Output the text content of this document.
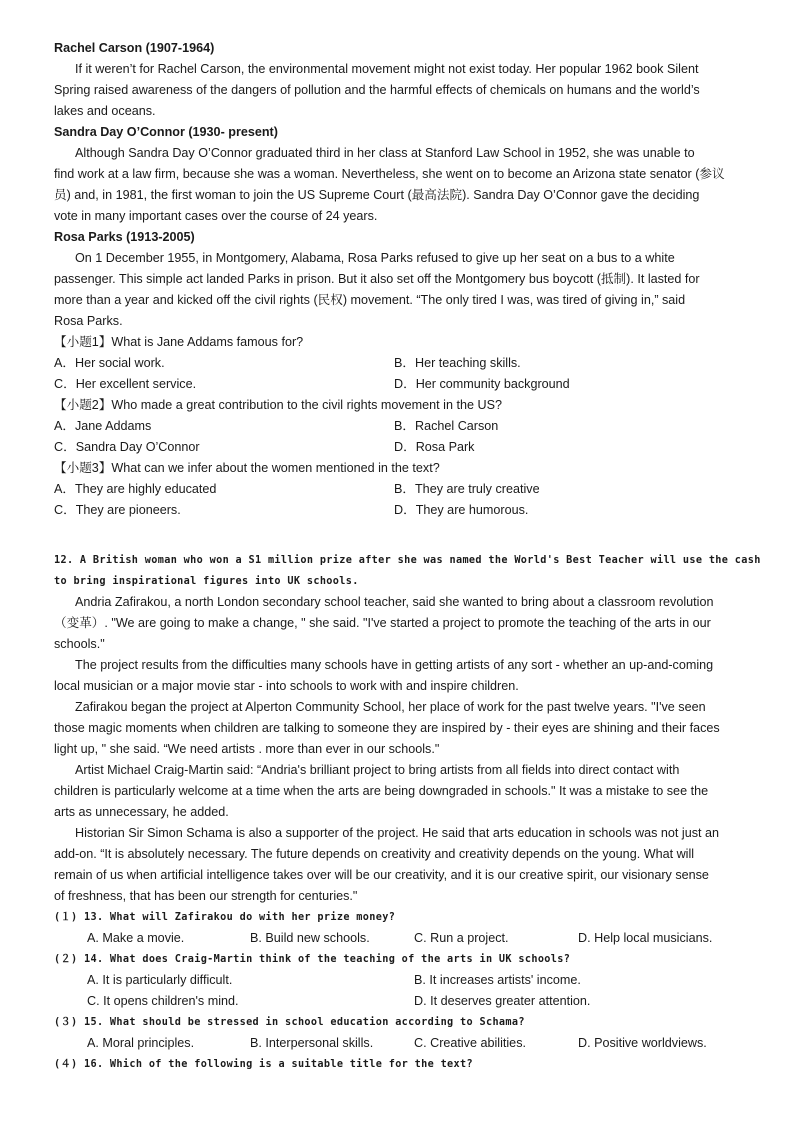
Rachel Carson (1907-1964)
If it weren’t for Rachel Carson, the environmental movement might not exist today. Her popular 1962 book Silent
Spring raised awareness of the dangers of pollution and the harmful effects of chemicals on humans and the world’s
lakes and oceans.
Sandra Day O’Connor (1930- present)
Although Sandra Day O’Connor graduated third in her class at Stanford Law School in 1952, she was unable to
find work at a law firm, because she was a woman. Nevertheless, she went on to become an Arizona state senator (参议
员) and, in 1981, the first woman to join the US Supreme Court (最高法院). Sandra Day O’Connor gave the deciding
vote in many important cases over the course of 24 years.
Rosa Parks (1913-2005)
On 1 December 1955, in Montgomery, Alabama, Rosa Parks refused to give up her seat on a bus to a white
passenger. This simple act landed Parks in prison. But it also set off the Montgomery bus boycott (抵制). It lasted for
more than a year and kicked off the civil rights (民权) movement. “The only tired I was, was tired of giving in,” said
Rosa Parks.
【小题1】What is Jane Addams famous for?
A．Her social work.	B．Her teaching skills.
C．Her excellent service.	D．Her community background
【小题2】Who made a great contribution to the civil rights movement in the US?
A．Jane Addams	B．Rachel Carson
C．Sandra Day O’Connor	D．Rosa Park
【小题3】What can we infer about the women mentioned in the text?
A．They are highly educated	B．They are truly creative
C．They are pioneers.	D．They are humorous.
12. A British woman who won a S1 million prize after she was named the World's Best Teacher will use the cash
to bring inspirational figures into UK schools.
Andria Zafirakou, a north London secondary school teacher, said she wanted to bring about a classroom revolution
（变革）. "We are going to make a change, " she said. "I've started a project to promote the teaching of the arts in our
schools."
The project results from the difficulties many schools have in getting artists of any sort - whether an up-and-coming
local musician or a major movie star - into schools to work with and inspire children.
Zafirakou began the project at Alperton Community School, her place of work for the past twelve years. "I've seen
those magic moments when children are talking to someone they are inspired by - their eyes are shining and their faces
light up, " she said. “We need artists . more than ever in our schools."
Artist Michael Craig-Martin said: “Andria's brilliant project to bring artists from all fields into direct contact with
children is particularly welcome at a time when the arts are being downgraded in schools." It was a mistake to see the
arts as unnecessary, he added.
Historian Sir Simon Schama is also a supporter of the project. He said that arts education in schools was not just an
add-on. “It is absolutely necessary. The future depends on creativity and creativity depends on the young. What will
remain of us when artificial intelligence takes over will be our creativity, and it is our creative spirit, our visionary sense
of freshness, that has been our strength for centuries."
(１) 13. What will Zafirakou do with her prize money?
A. Make a movie.	B. Build new schools.	C. Run a project.	D. Help local musicians.
(２) 14. What does Craig-Martin think of the teaching of the arts in UK schools?
A. It is particularly difficult.	B. It increases artists' income.
C. It opens children's mind.	D. It deserves greater attention.
(３) 15. What should be stressed in school education according to Schama?
A. Moral principles.	B. Interpersonal skills.	C. Creative abilities.	D. Positive worldviews.
(４) 16. Which of the following is a suitable title for the text?
